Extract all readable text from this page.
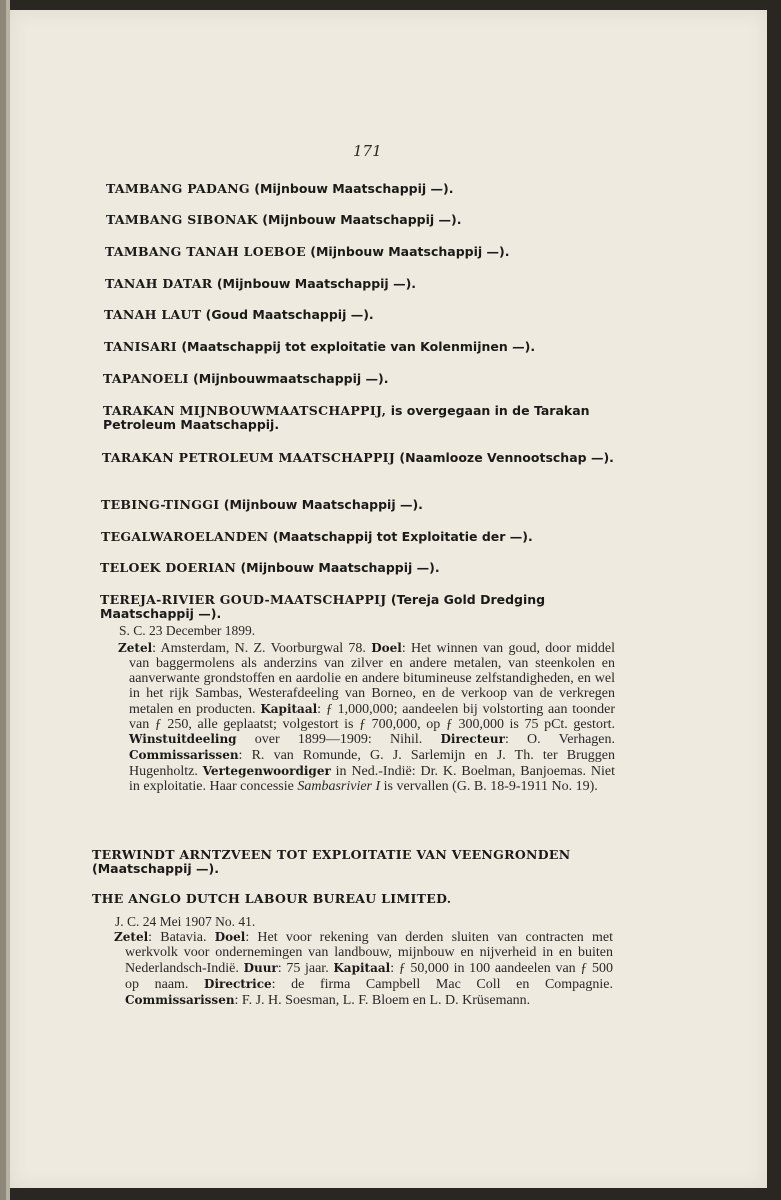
171
TAMBANG PADANG (Mijnbouw Maatschappij —).
TAMBANG SIBONAK (Mijnbouw Maatschappij —).
TAMBANG TANAH LOEBOE (Mijnbouw Maatschappij —).
TANAH DATAR (Mijnbouw Maatschappij —).
TANAH LAUT (Goud Maatschappij —).
TANISARI (Maatschappij tot exploitatie van Kolenmijnen —).
TAPANOELI (Mijnbouwmaatschappij —).
TARAKAN MIJNBOUWMAATSCHAPPIJ, is overgegaan in de Tarakan Petroleum Maatschappij.
TARAKAN PETROLEUM MAATSCHAPPIJ (Naamlooze Vennootschap —).
TEBING-TINGGI (Mijnbouw Maatschappij —).
TEGALWAROELANDEN (Maatschappij tot Exploitatie der —).
TELOEK DOERIAN (Mijnbouw Maatschappij —).
TEREJA-RIVIER GOUD-MAATSCHAPPIJ (Tereja Gold Dredging Maatschappij —).
S. C. 23 December 1899.
Zetel: Amsterdam, N. Z. Voorburgwal 78. Doel: Het winnen van goud, door middel van baggermolens als anderzins van zilver en andere metalen, van steenkolen en aanverwante grondstoffen en aardolie en andere bitumineuse zelfstandigheden, en wel in het rijk Sambas, Westerafdeeling van Borneo, en de verkoop van de verkregen metalen en producten. Kapitaal: ƒ 1,000,000; aandeelen bij volstorting aan toonder van ƒ 250, alle geplaatst; volgestort is ƒ 700,000, op ƒ 300,000 is 75 pCt. gestort. Winstuitdeeling over 1899—1909: Nihil. Directeur: O. Verhagen. Commissarissen: R. van Romunde, G. J. Sarlemijn en J. Th. ter Bruggen Hugenholtz. Vertegenwoordiger in Ned.-Indië: Dr. K. Boelman, Banjoemas. Niet in exploitatie. Haar concessie Sambasrivier I is vervallen (G. B. 18-9-1911 No. 19).
TERWINDT ARNTZVEEN TOT EXPLOITATIE VAN VEENGRONDEN (Maatschappij —).
THE ANGLO DUTCH LABOUR BUREAU LIMITED.
J. C. 24 Mei 1907 No. 41.
Zetel: Batavia. Doel: Het voor rekening van derden sluiten van contracten met werkvolk voor ondernemingen van landbouw, mijnbouw en nijverheid in en buiten Nederlandsch-Indië. Duur: 75 jaar. Kapitaal: ƒ 50,000 in 100 aandeelen van ƒ 500 op naam. Directrice: de firma Campbell Mac Coll en Compagnie. Commissarissen: F. J. H. Soesman, L. F. Bloem en L. D. Krüsemann.
